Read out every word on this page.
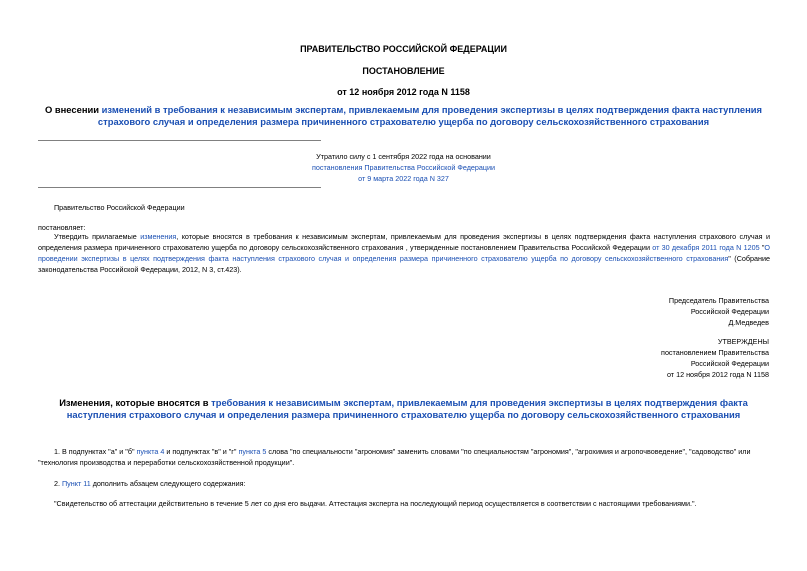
ПРАВИТЕЛЬСТВО РОССИЙСКОЙ ФЕДЕРАЦИИ
ПОСТАНОВЛЕНИЕ
от 12 ноября 2012 года N 1158
О внесении изменений в требования к независимым экспертам, привлекаемым для проведения экспертизы в целях подтверждения факта наступления страхового случая и определения размера причиненного страхователю ущерба по договору сельскохозяйственного страхования
Утратило силу с 1 сентября 2022 года на основании
постановления Правительства Российской Федерации
от 9 марта 2022 года N 327
Правительство Российской Федерации
постановляет:
Утвердить прилагаемые изменения, которые вносятся в требования к независимым экспертам, привлекаемым для проведения экспертизы в целях подтверждения факта наступления страхового случая и определения размера причиненного страхователю ущерба по договору сельскохозяйственного страхования , утвержденные постановлением Правительства Российской Федерации от 30 декабря 2011 года N 1205 "О проведении экспертизы в целях подтверждения факта наступления страхового случая и определения размера причиненного страхователю ущерба по договору сельскохозяйственного страхования" (Собрание законодательства Российской Федерации, 2012, N 3, ст.423).
Председатель Правительства
Российской Федерации
Д.Медведев
УТВЕРЖДЕНЫ
постановлением Правительства
Российской Федерации
от 12 ноября 2012 года N 1158
Изменения, которые вносятся в требования к независимым экспертам, привлекаемым для проведения экспертизы в целях подтверждения факта наступления страхового случая и определения размера причиненного страхователю ущерба по договору сельскохозяйственного страхования
1. В подпунктах "а" и "б" пункта 4 и подпунктах "в" и "г" пункта 5 слова "по специальности "агрономия" заменить словами "по специальностям "агрономия", "агрохимия и агропочвоведение", "садоводство" или "технология производства и переработки сельскохозяйственной продукции".
2. Пункт 11 дополнить абзацем следующего содержания:
"Свидетельство об аттестации действительно в течение 5 лет со дня его выдачи. Аттестация эксперта на последующий период осуществляется в соответствии с настоящими требованиями.".
